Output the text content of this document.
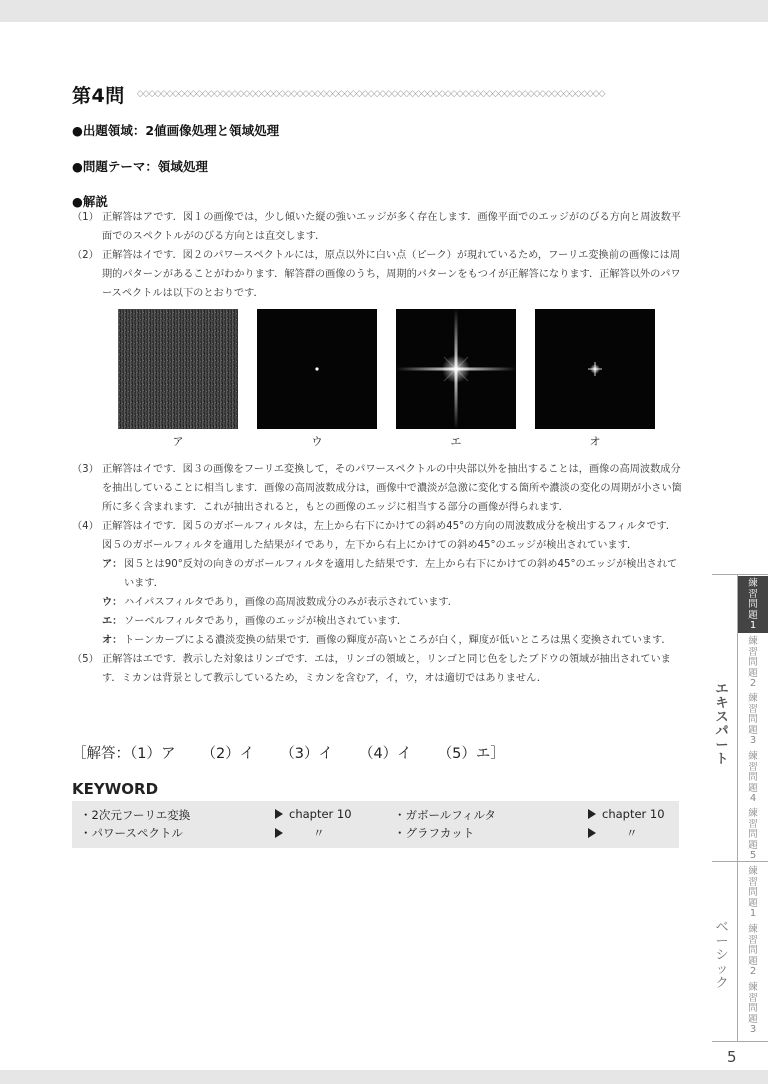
第4問 ◇◇◇◇◇◇◇◇◇◇◇◇◇◇◇◇◇◇◇◇◇◇◇◇◇◇◇◇◇◇◇◇◇◇◇◇◇◇◇◇◇◇◇◇◇◇◇◇◇◇◇◇◇◇◇◇◇◇◇◇◇◇◇◇◇◇◇◇◇◇◇◇◇◇◇◇◇◇◇
●出題領域：2値画像処理と領域処理
●問題テーマ：領域処理
●解説
（1） 正解答はアです．図１の画像では，少し傾いた縦の強いエッジが多く存在します．画像平面でのエッジがのびる方向と周波数平面でのスペクトルがのびる方向とは直交します．
（2） 正解答はイです．図２のパワースペクトルには，原点以外に白い点（ピーク）が現れているため，フーリエ変換前の画像には周期的パターンがあることがわかります．解答群の画像のうち，周期的パターンをもつイが正解答になります．正解答以外のパワースペクトルは以下のとおりです．
ア	ウ	エ	オ
（3） 正解答はイです．図３の画像をフーリエ変換して，そのパワースペクトルの中央部以外を抽出することは，画像の高周波数成分を抽出していることに相当します．画像の高周波数成分は，画像中で濃淡が急激に変化する箇所や濃淡の変化の周期が小さい箇所に多く含まれます．これが抽出されると，もとの画像のエッジに相当する部分の画像が得られます．
（4） 正解答はイです．図５のガボールフィルタは，左上から右下にかけての斜め45°の方向の周波数成分を検出するフィルタです．図５のガボールフィルタを適用した結果がイであり，左下から右上にかけての斜め45°のエッジが検出されています．
ア： 図５とは90°反対の向きのガボールフィルタを適用した結果です．左上から右下にかけての斜め45°のエッジが検出されています．
ウ： ハイパスフィルタであり，画像の高周波数成分のみが表示されています．
エ： ソーベルフィルタであり，画像のエッジが検出されています．
オ： トーンカーブによる濃淡変換の結果です．画像の輝度が高いところが白く，輝度が低いところは黒く変換されています．
（5） 正解答はエです．教示した対象はリンゴです．エは，リンゴの領域と，リンゴと同じ色をしたブドウの領域が抽出されています．ミカンは背景として教示しているため，ミカンを含むア，イ，ウ，オは適切ではありません．
［解答：（1）ア （2）イ （3）イ （4）イ （5）エ］
KEYWORD
・2次元フーリエ変換	chapter 10
・パワースペクトル	〃
・ガボールフィルタ	chapter 10
・グラフカット	〃
エキスパート
ベーシック
練習問題
1
練習問題
2
練習問題
3
練習問題
4
練習問題
5
練習問題
1
練習問題
2
練習問題
3
5
